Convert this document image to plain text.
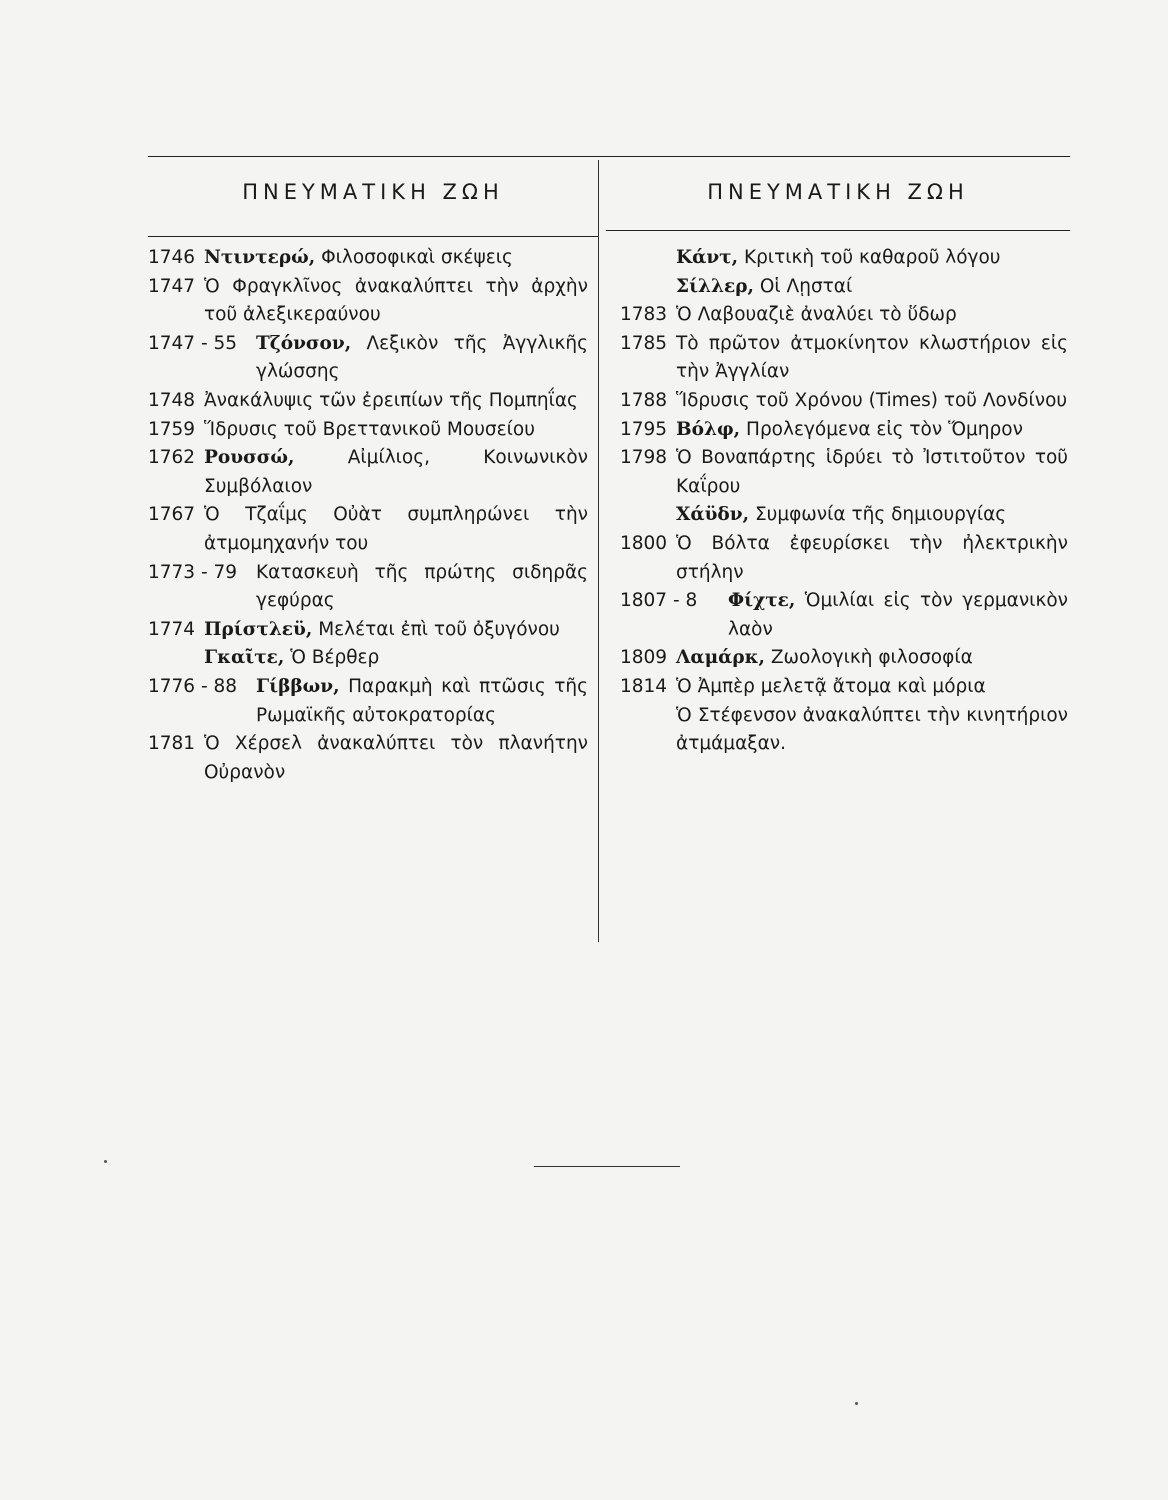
ΠΝΕΥΜΑΤΙΚΗ ΖΩΗ	ΠΝΕΥΜΑΤΙΚΗ ΖΩΗ
1746 Ντιντερώ, Φιλοσοφικαὶ σκέψεις
1747 Ὁ Φραγκλῖνος ἀνακαλύπτει τὴν ἀρχὴν τοῦ ἀλεξικεραύνου
1747 - 55	Τζόνσον, Λεξικὸν τῆς Ἀγγλικῆς γλώσσης
1748 Ἀνακάλυψις τῶν ἐρειπίων τῆς Πομπηΐας
1759 Ἵδρυσις τοῦ Βρεττανικοῦ Μουσείου
1762 Ρουσσώ,	Αἰμίλιος, Κοινωνικὸν Συμβόλαιον
1767 Ὁ Τζαΐμς Οὐὰτ συμπληρώνει τὴν ἀτμομηχανήν του
1773 - 79	Κατασκευὴ τῆς πρώτης σιδηρᾶς γεφύρας
1774 Πρίστλεϋ, Μελέται ἐπὶ τοῦ ὀξυγόνου
Γκαῖτε, Ὁ Βέρθερ
1776 - 88	Γίββων, Παρακμὴ καὶ πτῶσις τῆς Ρωμαϊκῆς αὐτοκρατορίας
1781 Ὁ Χέρσελ ἀνακαλύπτει τὸν πλανήτην Οὐρανὸν
Κάντ, Κριτικὴ τοῦ καθαροῦ λόγου
Σίλλερ, Οἱ Λῃσταί
1783 Ὁ Λαβουαζιὲ ἀναλύει τὸ ὕδωρ
1785 Τὸ πρῶτον ἀτμοκίνητον κλωστήριον εἰς τὴν Ἀγγλίαν
1788 Ἵδρυσις τοῦ Χρόνου (Times) τοῦ Λονδίνου
1795 Βόλφ, Προλεγόμενα εἰς τὸν Ὅμηρον
1798 Ὁ Βοναπάρτης ἱδρύει τὸ Ἰστιτοῦτον τοῦ Καΐρου
Χάϋδν, Συμφωνία τῆς δημιουργίας
1800 Ὁ Βόλτα ἐφευρίσκει τὴν ἠλεκτρικὴν στήλην
1807 - 8	Φίχτε, Ὁμιλίαι εἰς τὸν γερμανικὸν λαὸν
1809 Λαμάρκ, Ζωολογικὴ φιλοσοφία
1814 Ὁ Ἀμπὲρ μελετᾷ ἄτομα καὶ μόρια
Ὁ Στέφενσον ἀνακαλύπτει τὴν κινητήριον ἀτμάμαξαν.
